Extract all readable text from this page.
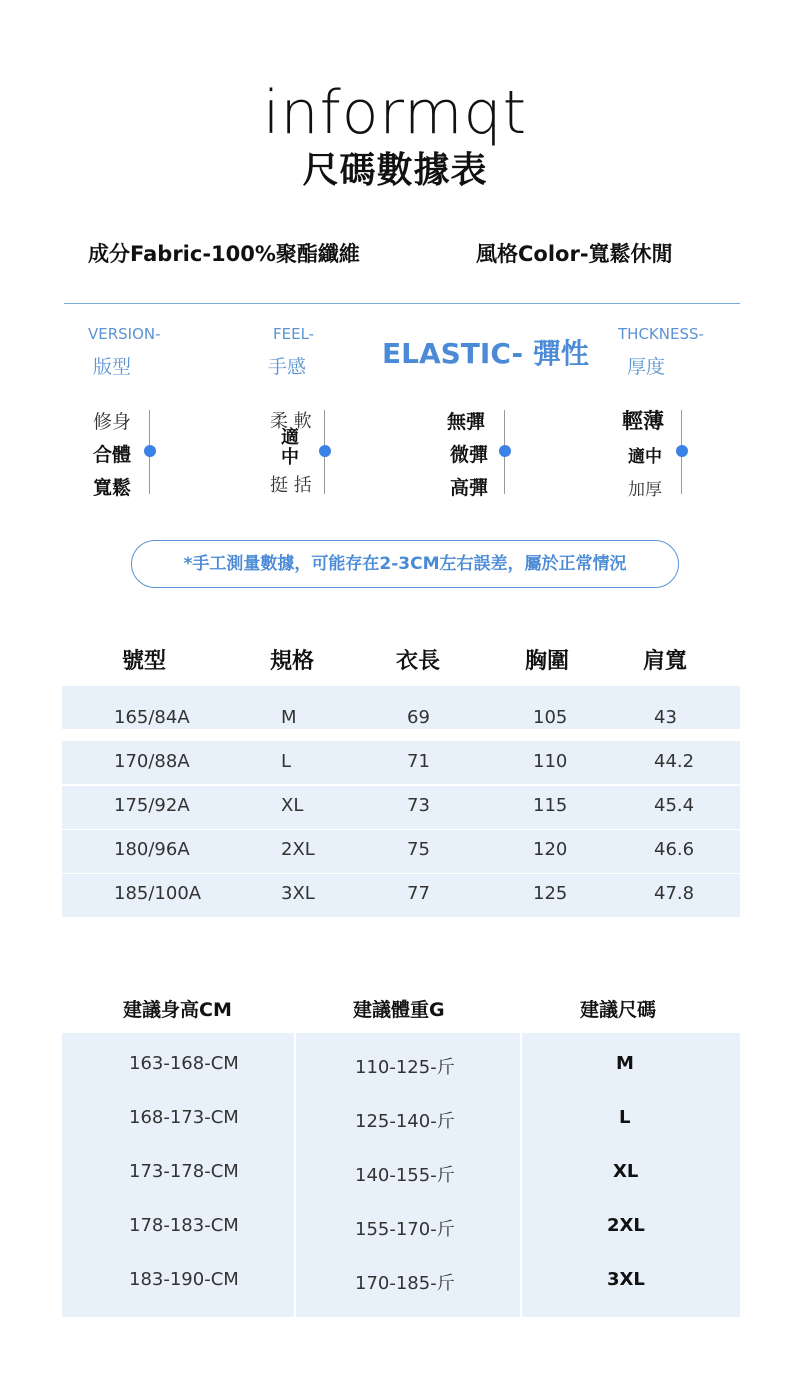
informqt
尺碼數據表
成分Fabric-100%聚酯纖維	風格Color-寬鬆休閒
VERSION-
版型
FEEL-
手感	ELASTIC- 彈性
THCKNESS-
厚度
修身
合體
寬鬆
柔 軟
適
中
挺 括
無彈
微彈
高彈
輕薄
適中
加厚
*手工測量數據，可能存在2-3CM左右誤差，屬於正常情況
號型	規格	衣長	胸圍	肩寬
165/84A	M	69	105	43
170/88A	L	71	110	44.2
175/92A	XL	73	115	45.4
180/96A	2XL	75	120	46.6
185/100A	3XL	77	125	47.8
建議身高CM	建議體重G	建議尺碼
163-168-CM	110-125-斤	M
168-173-CM	125-140-斤	L
173-178-CM	140-155-斤	XL
178-183-CM	155-170-斤	2XL
183-190-CM	170-185-斤	3XL
